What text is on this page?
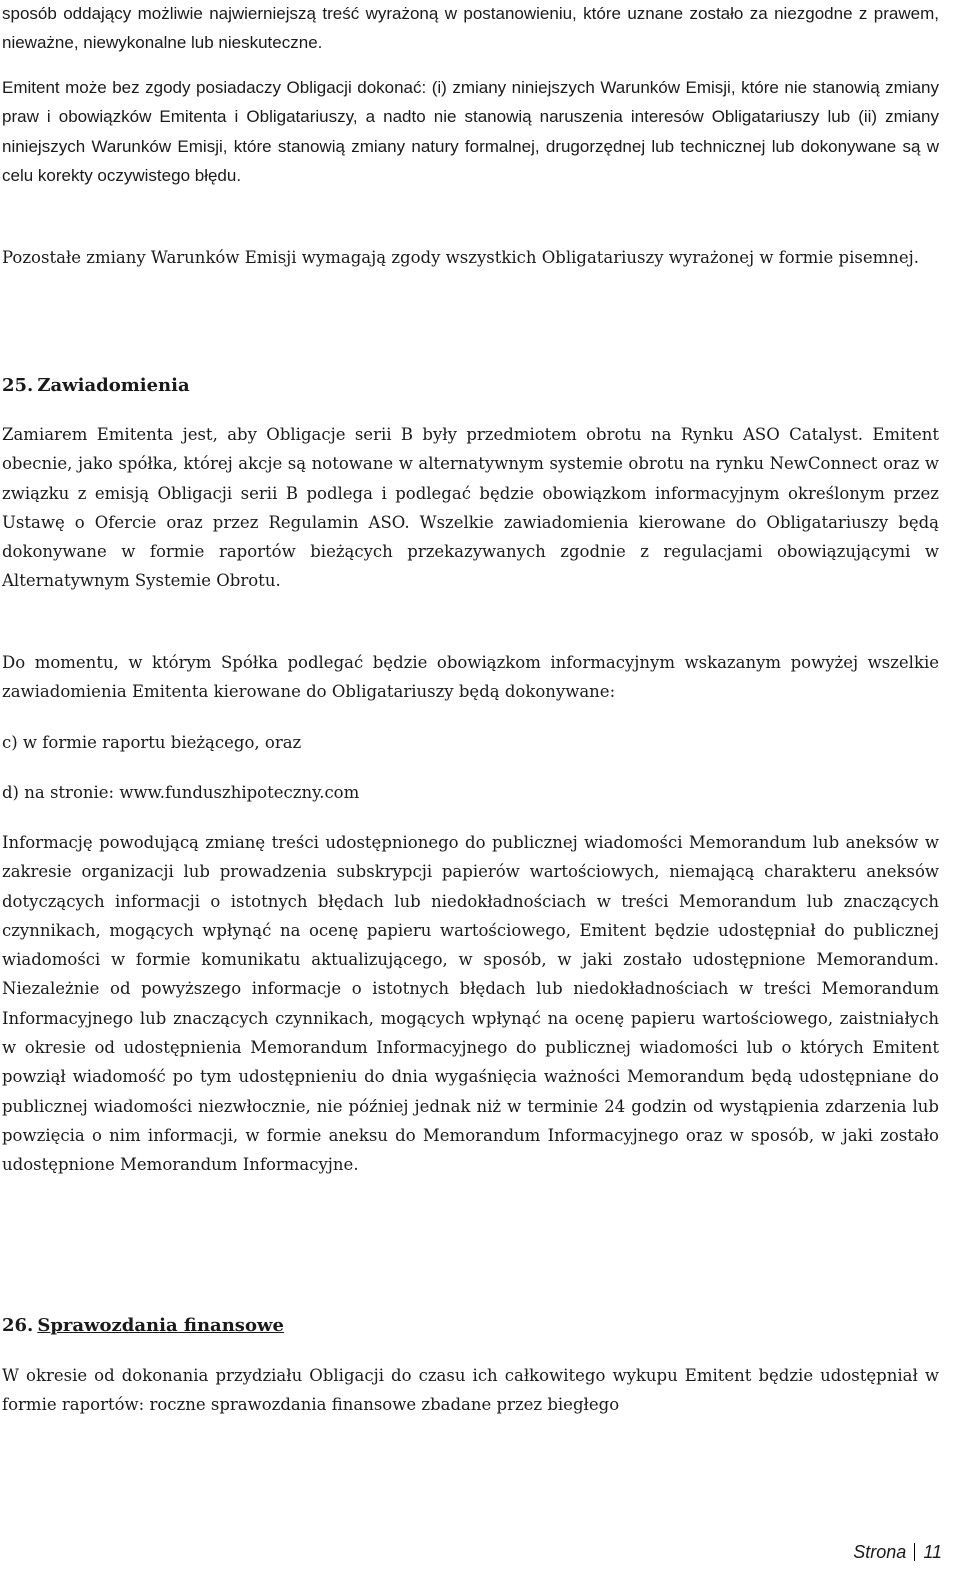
sposób oddający możliwie najwierniejszą treść wyrażoną w postanowieniu, które uznane zostało za niezgodne z prawem, nieważne, niewykonalne lub nieskuteczne.

Emitent może bez zgody posiadaczy Obligacji dokonać: (i) zmiany niniejszych Warunków Emisji, które nie stanowią zmiany praw i obowiązków Emitenta i Obligatariuszy, a nadto nie stanowią naruszenia interesów Obligatariuszy lub (ii) zmiany niniejszych Warunków Emisji, które stanowią zmiany natury formalnej, drugorzędnej lub technicznej lub dokonywane są w celu korekty oczywistego błędu.

Pozostałe zmiany Warunków Emisji wymagają zgody wszystkich Obligatariuszy wyrażonej w formie pisemnej.

25. Zawiadomienia

Zamiarem Emitenta jest, aby Obligacje serii B były przedmiotem obrotu na Rynku ASO Catalyst. Emitent obecnie, jako spółka, której akcje są notowane w alternatywnym systemie obrotu na rynku NewConnect oraz w związku z emisją Obligacji serii B podlega i podlegać będzie obowiązkom informacyjnym określonym przez Ustawę o Ofercie oraz przez Regulamin ASO. Wszelkie zawiadomienia kierowane do Obligatariuszy będą dokonywane w formie raportów bieżących przekazywanych zgodnie z regulacjami obowiązującymi w Alternatywnym Systemie Obrotu.

Do momentu, w którym Spółka podlegać będzie obowiązkom informacyjnym wskazanym powyżej wszelkie zawiadomienia Emitenta kierowane do Obligatariuszy będą dokonywane:

c) w formie raportu bieżącego, oraz

d) na stronie: www.funduszhipoteczny.com

Informację powodującą zmianę treści udostępnionego do publicznej wiadomości Memorandum lub aneksów w zakresie organizacji lub prowadzenia subskrypcji papierów wartościowych, niemającą charakteru aneksów dotyczących informacji o istotnych błędach lub niedokładnościach w treści Memorandum lub znaczących czynnikach, mogących wpłynąć na ocenę papieru wartościowego, Emitent będzie udostępniał do publicznej wiadomości w formie komunikatu aktualizującego, w sposób, w jaki zostało udostępnione Memorandum. Niezależnie od powyższego informacje o istotnych błędach lub niedokładnościach w treści Memorandum Informacyjnego lub znaczących czynnikach, mogących wpłynąć na ocenę papieru wartościowego, zaistniałych w okresie od udostępnienia Memorandum Informacyjnego do publicznej wiadomości lub o których Emitent powziął wiadomość po tym udostępnieniu do dnia wygaśnięcia ważności Memorandum będą udostępniane do publicznej wiadomości niezwłocznie, nie później jednak niż w terminie 24 godzin od wystąpienia zdarzenia lub powzięcia o nim informacji, w formie aneksu do Memorandum Informacyjnego oraz w sposób, w jaki zostało udostępnione Memorandum Informacyjne.

26. Sprawozdania finansowe

W okresie od dokonania przydziału Obligacji do czasu ich całkowitego wykupu Emitent będzie udostępniał w formie raportów: roczne sprawozdania finansowe zbadane przez biegłego

Strona 11
